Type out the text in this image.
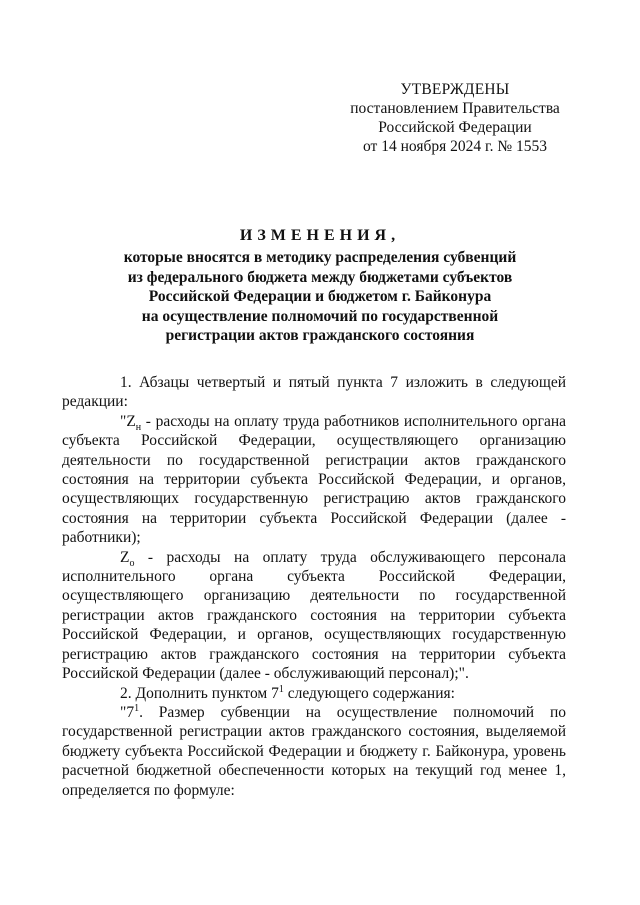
УТВЕРЖДЕНЫ
постановлением Правительства
Российской Федерации
от 14 ноября 2024 г. № 1553
ИЗМЕНЕНИЯ,
которые вносятся в методику распределения субвенций
из федерального бюджета между бюджетами субъектов
Российской Федерации и бюджетом г. Байконура
на осуществление полномочий по государственной
регистрации актов гражданского состояния

1. Абзацы четвертый и пятый пункта 7 изложить в следующей редакции:

"$Z_н$ - расходы на оплату труда работников исполнительного органа субъекта Российской Федерации, осуществляющего организацию деятельности по государственной регистрации актов гражданского состояния на территории субъекта Российской Федерации, и органов, осуществляющих государственную регистрацию актов гражданского состояния на территории субъекта Российской Федерации (далее - работники);

$Z_о$ - расходы на оплату труда обслуживающего персонала исполнительного органа субъекта Российской Федерации, осуществляющего организацию деятельности по государственной регистрации актов гражданского состояния на территории субъекта Российской Федерации, и органов, осуществляющих государственную регистрацию актов гражданского состояния на территории субъекта Российской Федерации (далее - обслуживающий персонал);".

2. Дополнить пунктом $7^1$ следующего содержания:

"$7^1$. Размер субвенции на осуществление полномочий по государственной регистрации актов гражданского состояния, выделяемой бюджету субъекта Российской Федерации и бюджету г. Байконура, уровень расчетной бюджетной обеспеченности которых на текущий год менее 1, определяется по формуле:
